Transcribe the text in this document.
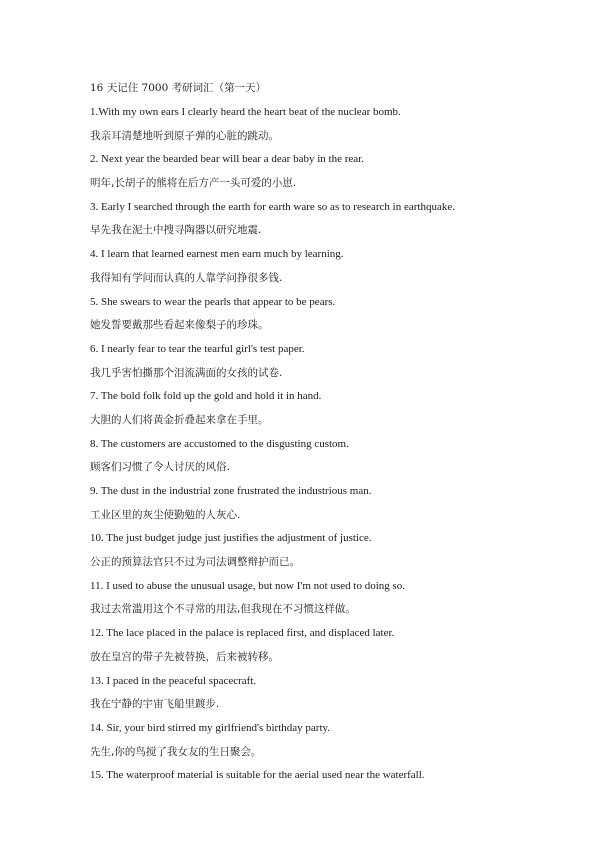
16 天记住 7000 考研词汇（第一天）
1.With my own ears I clearly heard the heart beat of the nuclear bomb.
我亲耳清楚地听到原子弹的心脏的跳动。
2. Next year the bearded bear will bear a dear baby in the rear.
明年,长胡子的熊将在后方产一头可爱的小崽.
3. Early I searched through the earth for earth ware so as to research in earthquake.
早先我在泥土中搜寻陶器以研究地震.
4. I learn that learned earnest men earn much by learning.
我得知有学问而认真的人靠学问挣很多钱.
5. She swears to wear the pearls that appear to be pears.
她发誓要戴那些看起来像梨子的珍珠。
6. I nearly fear to tear the tearful girl's test paper.
我几乎害怕撕那个泪流满面的女孩的试卷.
7. The bold folk fold up the gold and hold it in hand.
大胆的人们将黄金折叠起来拿在手里。
8. The customers are accustomed to the disgusting custom.
顾客们习惯了令人讨厌的风俗.
9. The dust in the industrial zone frustrated the industrious man.
工业区里的灰尘使勤勉的人灰心.
10. The just budget judge just justifies the adjustment of justice.
公正的预算法官只不过为司法调整辩护而已。
11. I used to abuse the unusual usage, but now I'm not used to doing so.
我过去常滥用这个不寻常的用法,但我现在不习惯这样做。
12. The lace placed in the palace is replaced first, and displaced later.
放在皇宫的带子先被替换，后来被转移。
13. I paced in the peaceful spacecraft.
我在宁静的宇宙飞船里踱步.
14. Sir, your bird stirred my girlfriend's birthday party.
先生,你的鸟搅了我女友的生日聚会。
15. The waterproof material is suitable for the aerial used near the waterfall.
